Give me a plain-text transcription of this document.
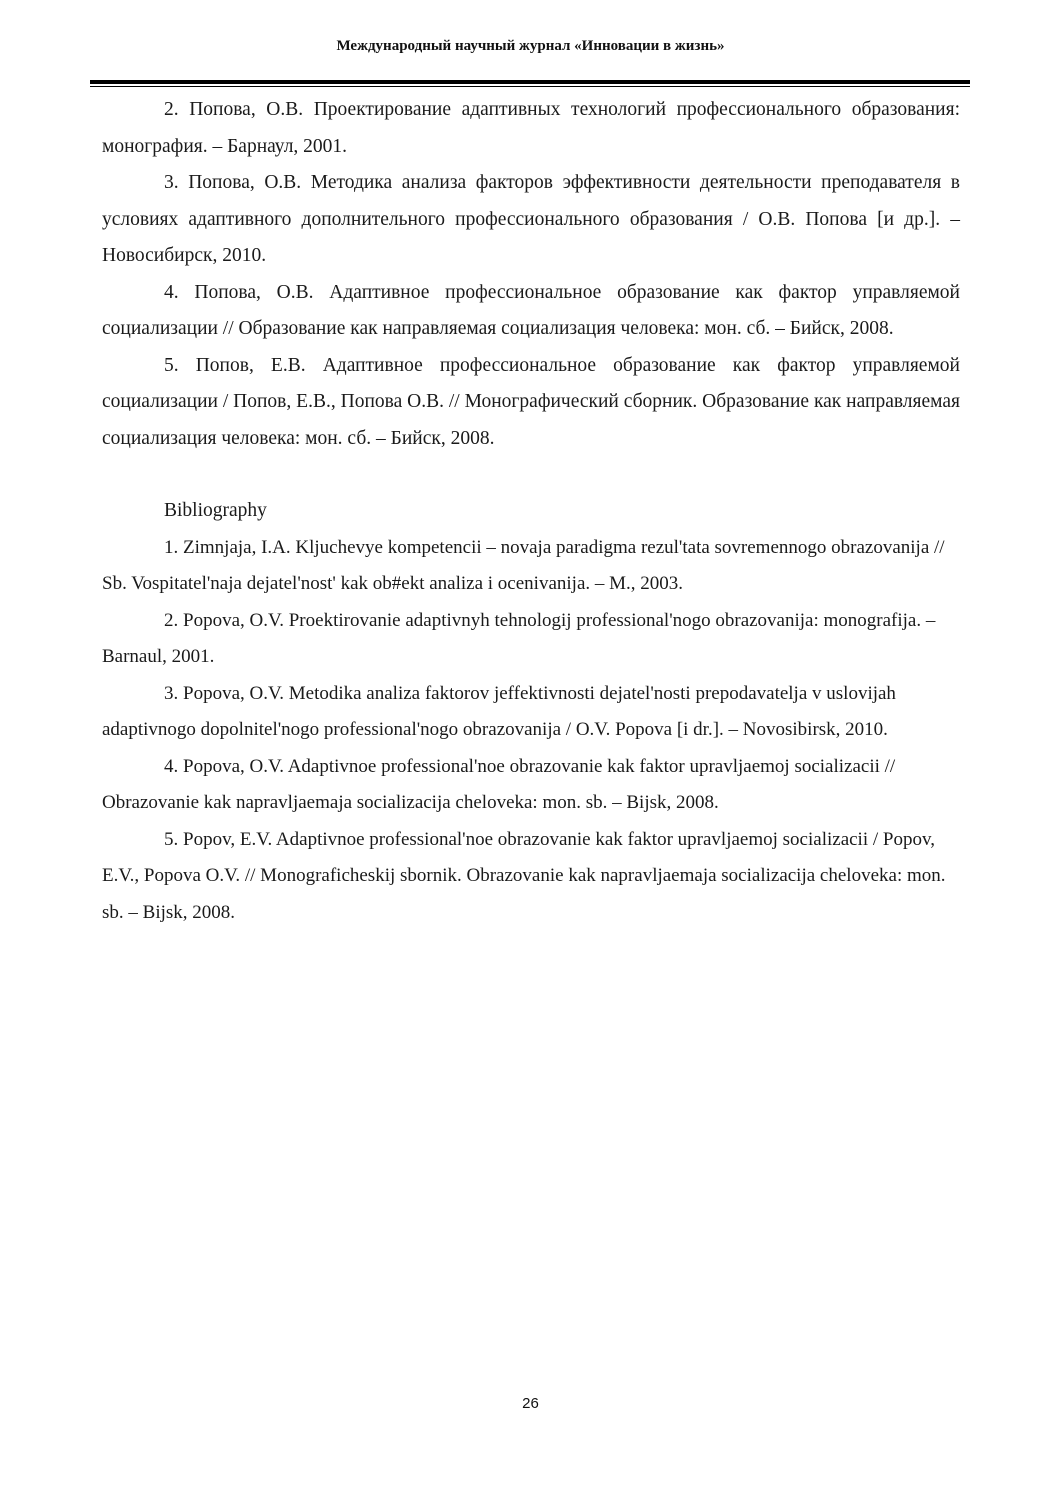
Международный научный журнал «Инновации в жизнь»

2. Попова, О.В. Проектирование адаптивных технологий профессионального образования: монография. – Барнаул, 2001.

3. Попова, О.В. Методика анализа факторов эффективности деятельности преподавателя в условиях адаптивного дополнительного профессионального образования / О.В. Попова [и др.]. – Новосибирск, 2010.

4. Попова, О.В. Адаптивное профессиональное образование как фактор управляемой социализации // Образование как направляемая социализация человека: мон. сб. – Бийск, 2008.

5. Попов, Е.В. Адаптивное профессиональное образование как фактор управляемой социализации / Попов, Е.В., Попова О.В. // Монографический сборник. Образование как направляемая социализация человека: мон. сб. – Бийск, 2008.

Bibliography

1. Zimnjaja, I.A. Kljuchevye kompetencii – novaja paradigma rezul'tata sovremennogo obrazovanija // Sb. Vospitatel'naja dejatel'nost' kak ob#ekt analiza i ocenivanija. – M., 2003.

2. Popova, O.V. Proektirovanie adaptivnyh tehnologij professional'nogo obrazovanija: monografija. – Barnaul, 2001.

3. Popova, O.V. Metodika analiza faktorov jeffektivnosti dejatel'nosti prepodavatelja v uslovijah adaptivnogo dopolnitel'nogo professional'nogo obrazovanija / O.V. Popova [i dr.]. – Novosibirsk, 2010.

4. Popova, O.V. Adaptivnoe professional'noe obrazovanie kak faktor upravljaemoj socializacii // Obrazovanie kak napravljaemaja socializacija cheloveka: mon. sb. – Bijsk, 2008.

5. Popov, E.V. Adaptivnoe professional'noe obrazovanie kak faktor upravljaemoj socializacii / Popov, E.V., Popova O.V. // Monograficheskij sbornik. Obrazovanie kak napravljaemaja socializacija cheloveka: mon. sb. – Bijsk, 2008.

26
